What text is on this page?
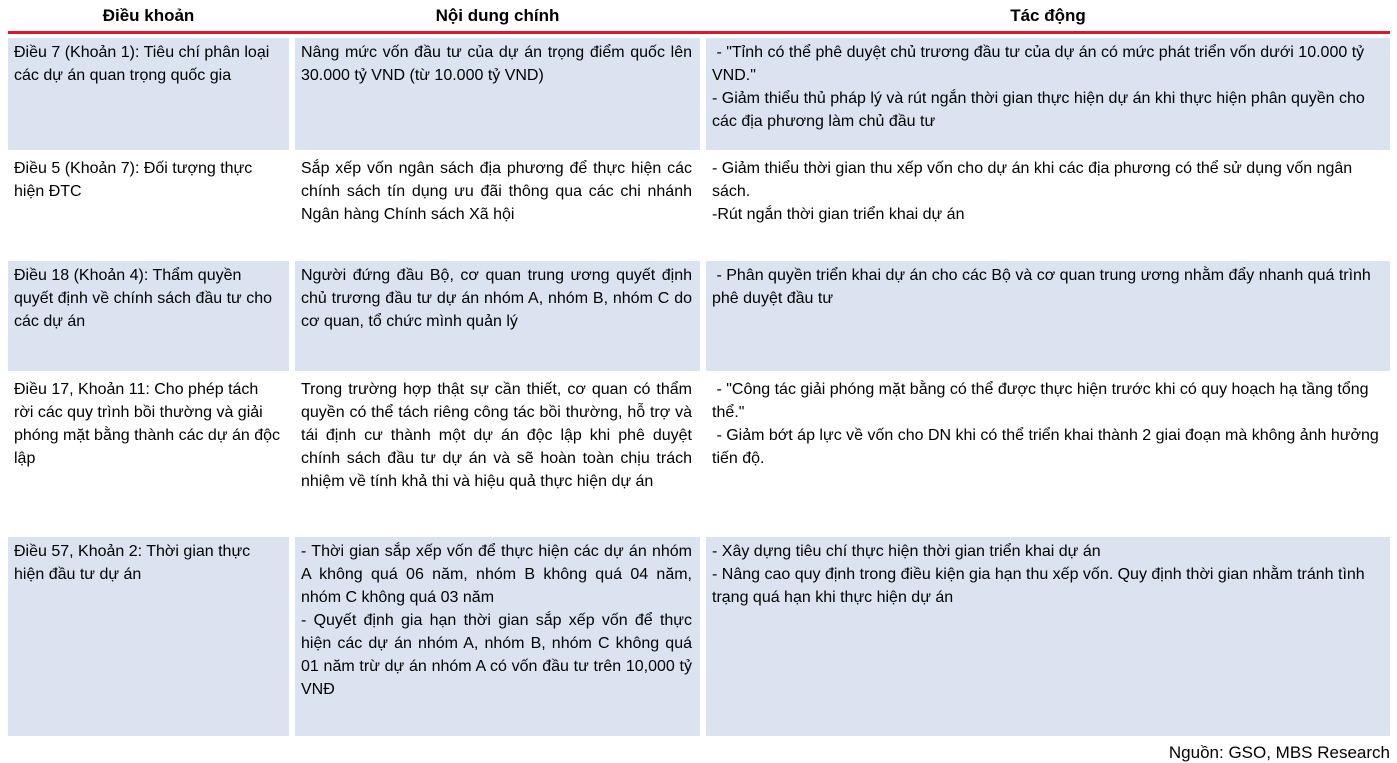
Điều khoản	Nội dung chính	Tác động

Điều 7 (Khoản 1): Tiêu chí phân loại các dự án quan trọng quốc gia

Nâng mức vốn đầu tư của dự án trọng điểm quốc lên 30.000 tỷ VND (từ 10.000 tỷ VND)

- "Tỉnh có thể phê duyệt chủ trương đầu tư của dự án có mức phát triển vốn dưới 10.000 tỷ VND."

- Giảm thiểu thủ pháp lý và rút ngắn thời gian thực hiện dự án khi thực hiện phân quyền cho các địa phương làm chủ đầu tư

Điều 5 (Khoản 7): Đối tượng thực hiện ĐTC

Sắp xếp vốn ngân sách địa phương để thực hiện các chính sách tín dụng ưu đãi thông qua các chi nhánh Ngân hàng Chính sách Xã hội

- Giảm thiểu thời gian thu xếp vốn cho dự án khi các địa phương có thể sử dụng vốn ngân sách.

-Rút ngắn thời gian triển khai dự án

Điều 18 (Khoản 4): Thẩm quyền quyết định về chính sách đầu tư cho các dự án

Người đứng đầu Bộ, cơ quan trung ương quyết định chủ trương đầu tư dự án nhóm A, nhóm B, nhóm C do cơ quan, tổ chức mình quản lý

- Phân quyền triển khai dự án cho các Bộ và cơ quan trung ương nhằm đẩy nhanh quá trình phê duyệt đầu tư

Điều 17, Khoản 11: Cho phép tách rời các quy trình bồi thường và giải phóng mặt bằng thành các dự án độc lập

Trong trường hợp thật sự cần thiết, cơ quan có thẩm quyền có thể tách riêng công tác bồi thường, hỗ trợ và tái định cư thành một dự án độc lập khi phê duyệt chính sách đầu tư dự án và sẽ hoàn toàn chịu trách nhiệm về tính khả thi và hiệu quả thực hiện dự án

- "Công tác giải phóng mặt bằng có thể được thực hiện trước khi có quy hoạch hạ tầng tổng thể."

- Giảm bớt áp lực về vốn cho DN khi có thể triển khai thành 2 giai đoạn mà không ảnh hưởng tiến độ.

Điều 57, Khoản 2: Thời gian thực hiện đầu tư dự án

- Thời gian sắp xếp vốn để thực hiện các dự án nhóm A không quá 06 năm, nhóm B không quá 04 năm, nhóm C không quá 03 năm

- Quyết định gia hạn thời gian sắp xếp vốn để thực hiện các dự án nhóm A, nhóm B, nhóm C không quá 01 năm trừ dự án nhóm A có vốn đầu tư trên 10,000 tỷ VNĐ

- Xây dựng tiêu chí thực hiện thời gian triển khai dự án

- Nâng cao quy định trong điều kiện gia hạn thu xếp vốn. Quy định thời gian nhằm tránh tình trạng quá hạn khi thực hiện dự án

Nguồn: GSO, MBS Research
